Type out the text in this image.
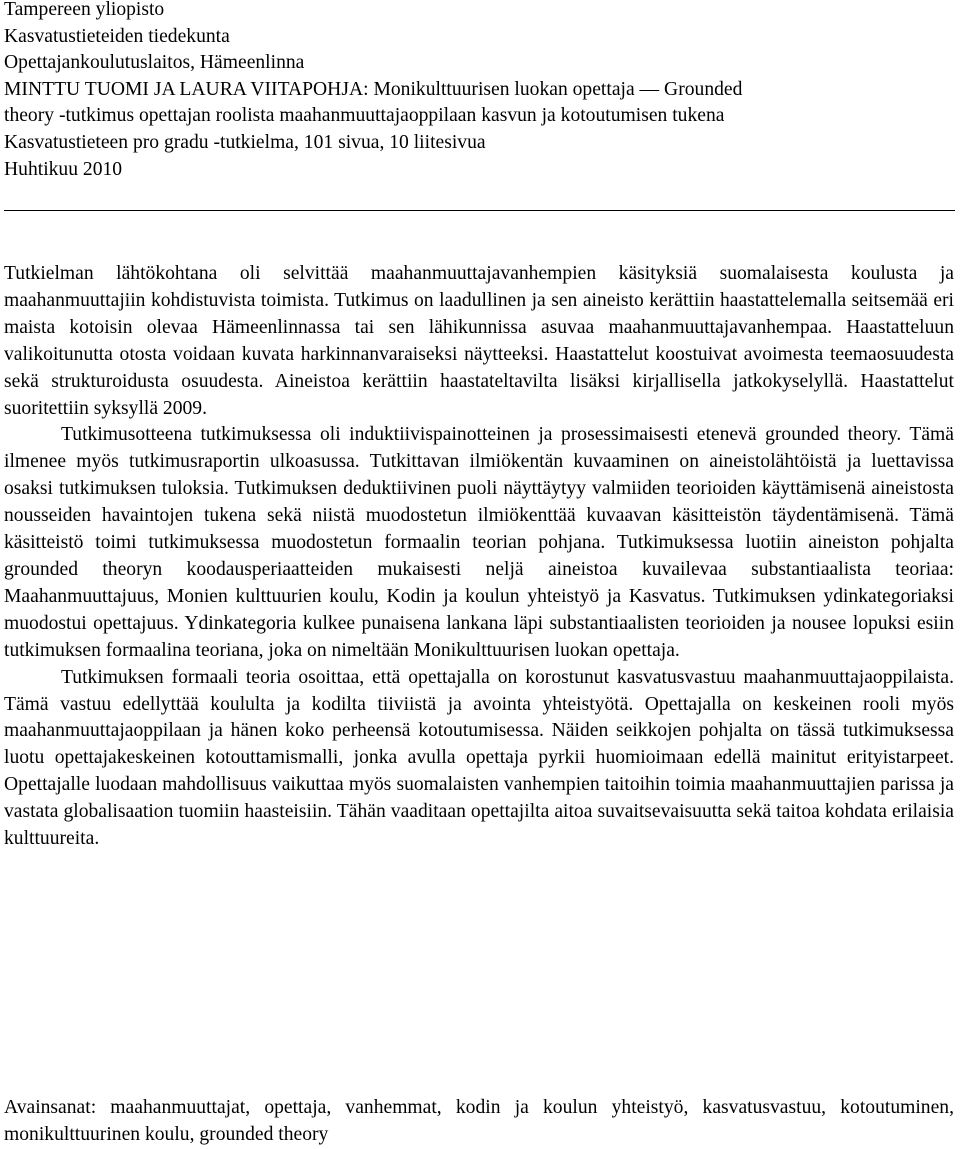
Tampereen yliopisto
Kasvatustieteiden tiedekunta
Opettajankoulutuslaitos, Hämeenlinna
MINTTU TUOMI JA LAURA VIITAPOHJA: Monikulttuurisen luokan opettaja — Grounded
theory -tutkimus opettajan roolista maahanmuuttajaoppilaan kasvun ja kotoutumisen tukena
Kasvatustieteen pro gradu -tutkielma, 101 sivua, 10 liitesivua
Huhtikuu 2010

Tutkielman lähtökohtana oli selvittää maahanmuuttajavanhempien käsityksiä suomalaisesta koulusta ja maahanmuuttajiin kohdistuvista toimista. Tutkimus on laadullinen ja sen aineisto kerättiin haastattelemalla seitsemää eri maista kotoisin olevaa Hämeenlinnassa tai sen lähikunnissa asuvaa maahanmuuttajavanhempaa. Haastatteluun valikoitunutta otosta voidaan kuvata harkinnanvaraiseksi näytteeksi. Haastattelut koostuivat avoimesta teemaosuudesta sekä strukturoidusta osuudesta. Aineistoa kerättiin haastateltavilta lisäksi kirjallisella jatkokyselyllä. Haastattelut suoritettiin syksyllä 2009.

Tutkimusotteena tutkimuksessa oli induktiivispainotteinen ja prosessimaisesti etenevä grounded theory. Tämä ilmenee myös tutkimusraportin ulkoasussa. Tutkittavan ilmiökentän kuvaaminen on aineistolähtöistä ja luettavissa osaksi tutkimuksen tuloksia. Tutkimuksen deduktiivinen puoli näyttäytyy valmiiden teorioiden käyttämisenä aineistosta nousseiden havaintojen tukena sekä niistä muodostetun ilmiökenttää kuvaavan käsitteistön täydentämisenä. Tämä käsitteistö toimi tutkimuksessa muodostetun formaalin teorian pohjana. Tutkimuksessa luotiin aineiston pohjalta grounded theoryn koodausperiaatteiden mukaisesti neljä aineistoa kuvailevaa substantiaalista teoriaa: Maahanmuuttajuus, Monien kulttuurien koulu, Kodin ja koulun yhteistyö ja Kasvatus. Tutkimuksen ydinkategoriaksi muodostui opettajuus. Ydinkategoria kulkee punaisena lankana läpi substantiaalisten teorioiden ja nousee lopuksi esiin tutkimuksen formaalina teoriana, joka on nimeltään Monikulttuurisen luokan opettaja.

Tutkimuksen formaali teoria osoittaa, että opettajalla on korostunut kasvatusvastuu maahanmuuttajaoppilaista. Tämä vastuu edellyttää koululta ja kodilta tiiviistä ja avointa yhteistyötä. Opettajalla on keskeinen rooli myös maahanmuuttajaoppilaan ja hänen koko perheensä kotoutumisessa. Näiden seikkojen pohjalta on tässä tutkimuksessa luotu opettajakeskeinen kotouttamismalli, jonka avulla opettaja pyrkii huomioimaan edellä mainitut erityistarpeet. Opettajalle luodaan mahdollisuus vaikuttaa myös suomalaisten vanhempien taitoihin toimia maahanmuuttajien parissa ja vastata globalisaation tuomiin haasteisiin. Tähän vaaditaan opettajilta aitoa suvaitsevaisuutta sekä taitoa kohdata erilaisia kulttuureita.

Avainsanat: maahanmuuttajat, opettaja, vanhemmat, kodin ja koulun yhteistyö, kasvatusvastuu, kotoutuminen, monikulttuurinen koulu, grounded theory
